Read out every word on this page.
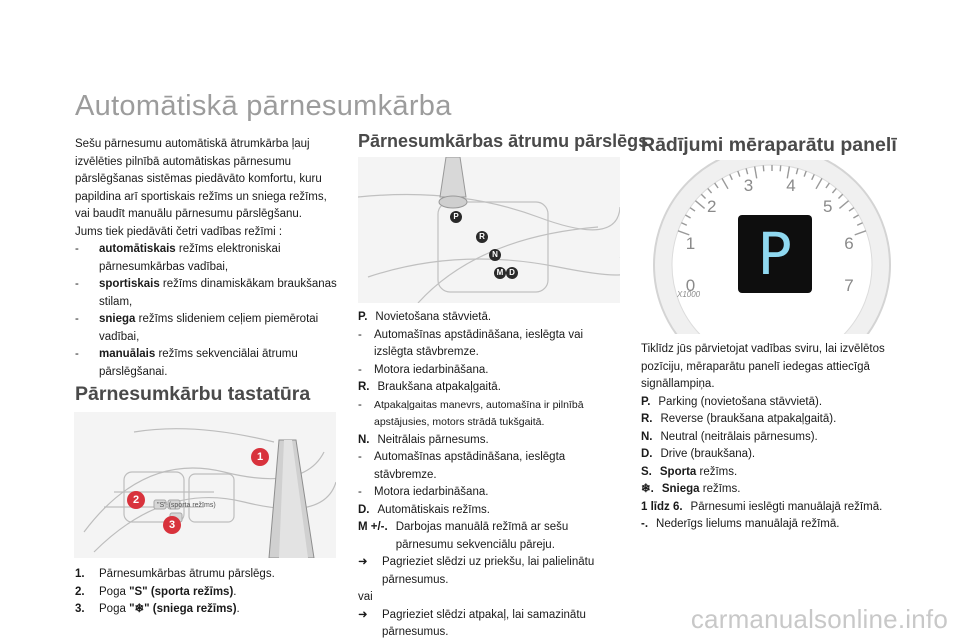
Automātiskā pārnesumkārba
Sešu pārnesumu automātiskā ātrumkārba ļauj izvēlēties pilnībā automātiskas pārnesumu pārslēgšanas sistēmas piedāvāto komfortu, kuru papildina arī sportiskais režīms un sniega režīms, vai baudīt manuālu pārnesumu pārslēgšanu.
Jums tiek piedāvāti četri vadības režīmi :
-	automātiskais režīms elektroniskai pārnesumkārbas vadībai,
-	sportiskais režīms dinamiskākam braukšanas stilam,
-	sniega režīms slideniem ceļiem piemērotai vadībai,
-	manuālais režīms sekvenciālai ātrumu pārslēgšanai.
Pārnesumkārbu tastatūra
"S" (sporta režīms)
1
2
3
1.	Pārnesumkārbas ātrumu pārslēgs.
2.	Poga "S" (sporta režīms).
3.	Poga "❄" (sniega režīms).
Pārnesumkārbas ātrumu pārslēgs
P
R
N
M D
P. Novietošana stāvvietā.
-	Automašīnas apstādināšana, ieslēgta vai izslēgta stāvbremze.
-	Motora iedarbināšana.
R. Braukšana atpakaļgaitā.
-	Atpakaļgaitas manevrs, automašīna ir pilnībā apstājusies, motors strādā tukšgaitā.
N. Neitrālais pārnesums.
-	Automašīnas apstādināšana, ieslēgta stāvbremze.
-	Motora iedarbināšana.
D. Automātiskais režīms.
M +/-. Darbojas manuālā režīmā ar sešu pārnesumu sekvenciālu pāreju.
➜	Pagrieziet slēdzi uz priekšu, lai palielinātu pārnesumus.
vai
➜	Pagrieziet slēdzi atpakaļ, lai samazinātu pārnesumus.
Rādījumi mēraparātu panelī
0
1
2
3 4
5
6
7
P
X1000
Tiklīdz jūs pārvietojat vadības sviru, lai izvēlētos pozīciju, mēraparātu panelī iedegas attiecīgā signāllampiņa.
P. Parking (novietošana stāvvietā).
R. Reverse (braukšana atpakaļgaitā).
N. Neutral (neitrālais pārnesums).
D. Drive (braukšana).
S. Sporta režīms.
❄. Sniega režīms.
1 līdz 6. Pārnesumi ieslēgti manuālajā režīmā.
-. Nederīgs lielums manuālajā režīmā.
carmanualsonline.info
